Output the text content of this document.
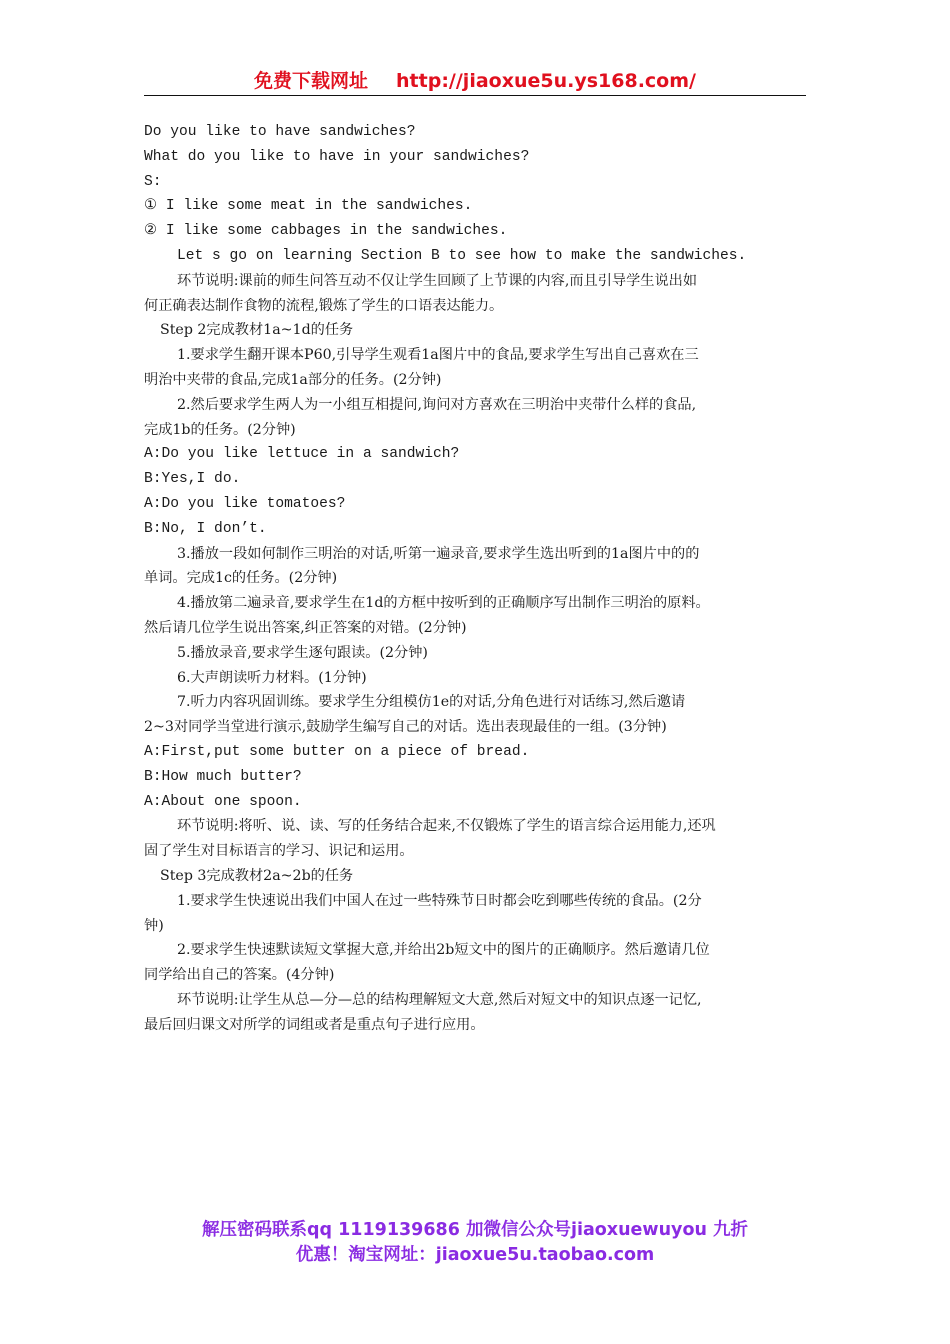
免费下载网址 http://jiaoxue5u.ys168.com/
Do you like to have sandwiches?
What do you like to have in your sandwiches?
S:
① I like some meat in the sandwiches.
② I like some cabbages in the sandwiches.
Let s go on learning Section B to see how to make the sandwiches.
环节说明:课前的师生问答互动不仅让学生回顾了上节课的内容,而且引导学生说出如
何正确表达制作食物的流程,锻炼了学生的口语表达能力。
Step 2完成教材1a~1d的任务
1.要求学生翻开课本P60,引导学生观看1a图片中的食品,要求学生写出自己喜欢在三
明治中夹带的食品,完成1a部分的任务。(2分钟)
2.然后要求学生两人为一小组互相提问,询问对方喜欢在三明治中夹带什么样的食品,
完成1b的任务。(2分钟)
A:Do you like lettuce in a sandwich?
B:Yes,I do.
A:Do you like tomatoes?
B:No, I don’t.
3.播放一段如何制作三明治的对话,听第一遍录音,要求学生选出听到的1a图片中的的
单词。完成1c的任务。(2分钟)
4.播放第二遍录音,要求学生在1d的方框中按听到的正确顺序写出制作三明治的原料。
然后请几位学生说出答案,纠正答案的对错。(2分钟)
5.播放录音,要求学生逐句跟读。(2分钟)
6.大声朗读听力材料。(1分钟)
7.听力内容巩固训练。要求学生分组模仿1e的对话,分角色进行对话练习,然后邀请
2~3对同学当堂进行演示,鼓励学生编写自己的对话。选出表现最佳的一组。(3分钟)
A:First,put some butter on a piece of bread.
B:How much butter?
A:About one spoon.
环节说明:将听、说、读、写的任务结合起来,不仅锻炼了学生的语言综合运用能力,还巩
固了学生对目标语言的学习、识记和运用。
Step 3完成教材2a~2b的任务
1.要求学生快速说出我们中国人在过一些特殊节日时都会吃到哪些传统的食品。(2分
钟)
2.要求学生快速默读短文掌握大意,并给出2b短文中的图片的正确顺序。然后邀请几位
同学给出自己的答案。(4分钟)
环节说明:让学生从总—分—总的结构理解短文大意,然后对短文中的知识点逐一记忆,
最后回归课文对所学的词组或者是重点句子进行应用。
解压密码联系qq 1119139686 加微信公众号jiaoxuewuyou 九折
优惠！淘宝网址：jiaoxue5u.taobao.com
